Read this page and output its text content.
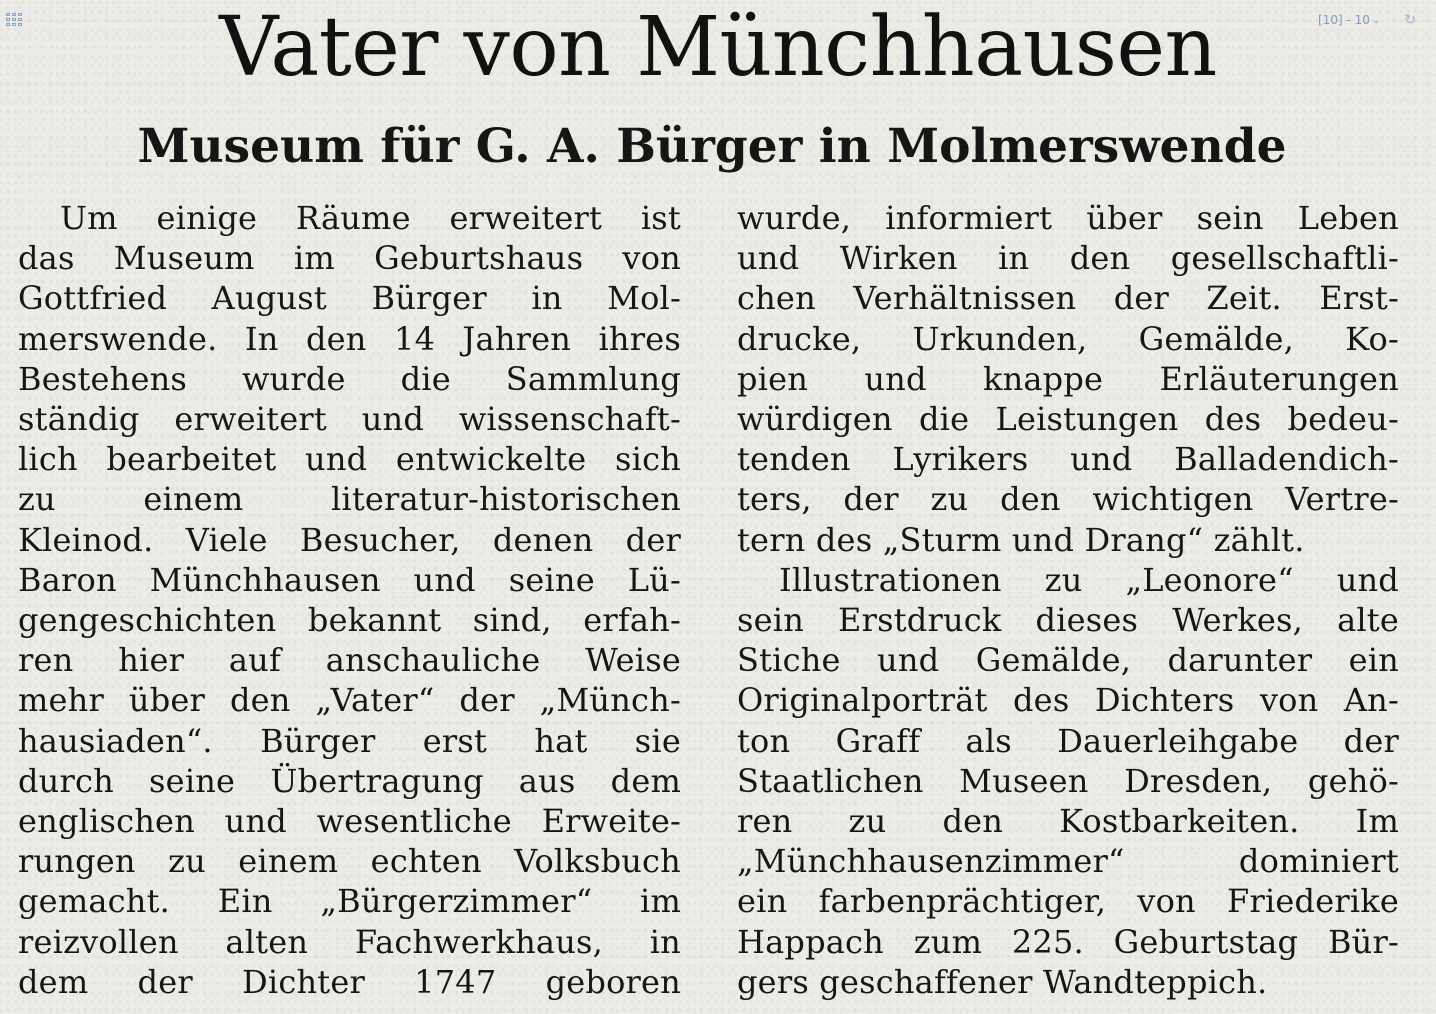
[10] - 10 ⌄ ↻
Vater von Münchhausen
Museum für G. A. Bürger in Molmerswende
Um einige Räume erweitert ist
das Museum im Geburtshaus von
Gottfried August Bürger in Mol-
merswende. In den 14 Jahren ihres
Bestehens wurde die Sammlung
ständig erweitert und wissenschaft-
lich bearbeitet und entwickelte sich
zu einem literatur-historischen
Kleinod. Viele Besucher, denen der
Baron Münchhausen und seine Lü-
gengeschichten bekannt sind, erfah-
ren hier auf anschauliche Weise
mehr über den „Vater“ der „Münch-
hausiaden“. Bürger erst hat sie
durch seine Übertragung aus dem
englischen und wesentliche Erweite-
rungen zu einem echten Volksbuch
gemacht. Ein „Bürgerzimmer“ im
reizvollen alten Fachwerkhaus, in
dem der Dichter 1747 geboren
wurde, informiert über sein Leben
und Wirken in den gesellschaftli-
chen Verhältnissen der Zeit. Erst-
drucke, Urkunden, Gemälde, Ko-
pien und knappe Erläuterungen
würdigen die Leistungen des bedeu-
tenden Lyrikers und Balladendich-
ters, der zu den wichtigen Vertre-
tern des „Sturm und Drang“ zählt.
Illustrationen zu „Leonore“ und
sein Erstdruck dieses Werkes, alte
Stiche und Gemälde, darunter ein
Originalporträt des Dichters von An-
ton Graff als Dauerleihgabe der
Staatlichen Museen Dresden, gehö-
ren zu den Kostbarkeiten. Im
„Münchhausenzimmer“ dominiert
ein farbenprächtiger, von Friederike
Happach zum 225. Geburtstag Bür-
gers geschaffener Wandteppich.
